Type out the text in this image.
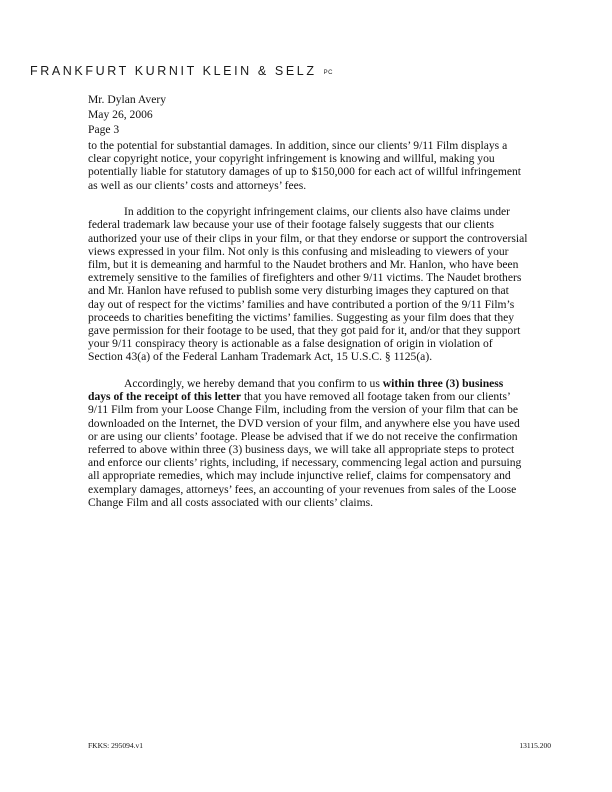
FRANKFURT KURNIT KLEIN & SELZ PC
Mr. Dylan Avery
May 26, 2006
Page 3

to the potential for substantial damages. In addition, since our clients’ 9/11 Film displays a clear copyright notice, your copyright infringement is knowing and willful, making you potentially liable for statutory damages of up to $150,000 for each act of willful infringement as well as our clients’ costs and attorneys’ fees.

In addition to the copyright infringement claims, our clients also have claims under federal trademark law because your use of their footage falsely suggests that our clients authorized your use of their clips in your film, or that they endorse or support the controversial views expressed in your film. Not only is this confusing and misleading to viewers of your film, but it is demeaning and harmful to the Naudet brothers and Mr. Hanlon, who have been extremely sensitive to the families of firefighters and other 9/11 victims. The Naudet brothers and Mr. Hanlon have refused to publish some very disturbing images they captured on that day out of respect for the victims’ families and have contributed a portion of the 9/11 Film’s proceeds to charities benefiting the victims’ families. Suggesting as your film does that they gave permission for their footage to be used, that they got paid for it, and/or that they support your 9/11 conspiracy theory is actionable as a false designation of origin in violation of Section 43(a) of the Federal Lanham Trademark Act, 15 U.S.C. § 1125(a).

Accordingly, we hereby demand that you confirm to us within three (3) business days of the receipt of this letter that you have removed all footage taken from our clients’ 9/11 Film from your Loose Change Film, including from the version of your film that can be downloaded on the Internet, the DVD version of your film, and anywhere else you have used or are using our clients’ footage. Please be advised that if we do not receive the confirmation referred to above within three (3) business days, we will take all appropriate steps to protect and enforce our clients’ rights, including, if necessary, commencing legal action and pursuing all appropriate remedies, which may include injunctive relief, claims for compensatory and exemplary damages, attorneys’ fees, an accounting of your revenues from sales of the Loose Change Film and all costs associated with our clients’ claims.

FKKS: 295094.v1	13115.200
